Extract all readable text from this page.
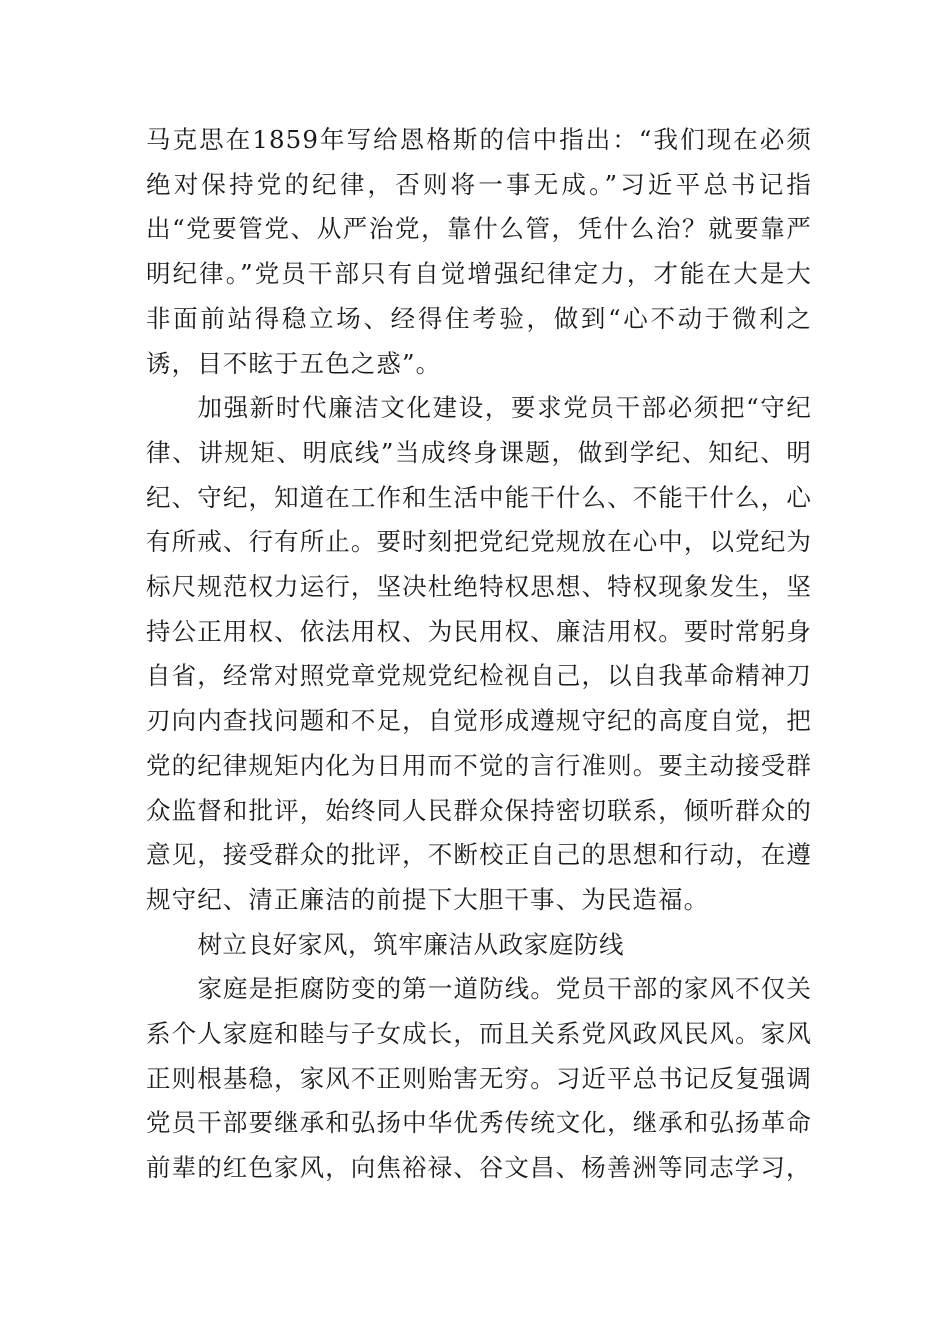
马克思在1859年写给恩格斯的信中指出：“我们现在必须绝对保持党的纪律，否则将一事无成。”习近平总书记指出“党要管党、从严治党，靠什么管，凭什么治？就要靠严明纪律。”党员干部只有自觉增强纪律定力，才能在大是大非面前站得稳立场、经得住考验，做到“心不动于微利之诱，目不眩于五色之惑”。

加强新时代廉洁文化建设，要求党员干部必须把“守纪律、讲规矩、明底线”当成终身课题，做到学纪、知纪、明纪、守纪，知道在工作和生活中能干什么、不能干什么，心有所戒、行有所止。要时刻把党纪党规放在心中，以党纪为标尺规范权力运行，坚决杜绝特权思想、特权现象发生，坚持公正用权、依法用权、为民用权、廉洁用权。要时常躬身自省，经常对照党章党规党纪检视自己，以自我革命精神刀刃向内查找问题和不足，自觉形成遵规守纪的高度自觉，把党的纪律规矩内化为日用而不觉的言行准则。要主动接受群众监督和批评，始终同人民群众保持密切联系，倾听群众的意见，接受群众的批评，不断校正自己的思想和行动，在遵规守纪、清正廉洁的前提下大胆干事、为民造福。

树立良好家风，筑牢廉洁从政家庭防线

家庭是拒腐防变的第一道防线。党员干部的家风不仅关系个人家庭和睦与子女成长，而且关系党风政风民风。家风正则根基稳，家风不正则贻害无穷。习近平总书记反复强调党员干部要继承和弘扬中华优秀传统文化，继承和弘扬革命前辈的红色家风，向焦裕禄、谷文昌、杨善洲等同志学习，
